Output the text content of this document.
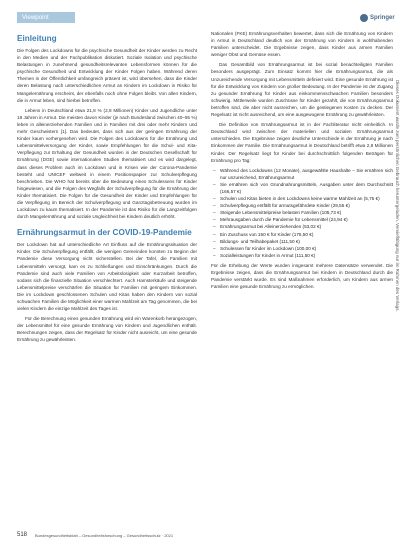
Viewpoint	Springer
Einleitung

Die Folgen des Lockdowns für die psychische Gesundheit der Kinder werden zu Recht in den Medien und der Fachpublikation diskutiert. Soziale Isolation und psychische Belastungen in zunehmend gesundheitsrelevanten Lebensformen können für die psychische Gesundheit und Entwicklung der Kinder Folgen haben. Während deren Themen in der Öffentlichkeit umfangreich präsent ist, wird übersehen, dass die Kinder deren Belastung nach unterschiedlichen Armut an Kindern im Lockdown in Risiko für Mangelernährung erscheint, der ebenfalls noch ohne Folgen bleibt. Von allen Kindern, die in Armut leben, sind hierbei betroffen.

Lebens in Deutschland etwa 21,8 % (2,8 Millionen) Kinder und Jugendliche unter 18 Jahren in Armut. Die meisten davon Kinder (je nach Bundesland zwischen 40–55 %) leben in alleinerziehenden Familien und in Familien mit drei oder mehr Kindern und mehr Geschwistern [1]. Das bedeutet, dass sich aus der geringen Ernährung der Kinder kaum vorhergesehen wird. Die Folgen des Lockdowns für die Ernährung und Lebensmittelversorgung der Kinder, sowie Empfehlungen für die Schul- und Kita-Verpflegung zur Erhaltung der Gesundheit wurden in der Deutschen Gesellschaft für Ernährung (DGE) sowie internationalen Studien thematisiert und es wird dargelegt, dass dieses Problem auch im Lockdown und in Krisen wie der Corona-Pandemie besteht und UNICEF weltweit in einem Positionspapier zur Schulverpflegung beschrieben. Die WHO hat bereits über die Bedeutung eines Schulessens für Kinder hingewiesen, und die Folgen des Wegfalls der Schulverpflegung für die Ernährung der Kinder thematisiert. Die Folgen für die Gesundheit der Kinder und Empfehlungen für die Verpflegung im Bereich der Schulverpflegung und Ganztagsbetreuung wurden im Lockdown zu kaum thematisiert. In der Pandemie ist das Risiko für die Langzeitfolgen durch Mangelernährung und soziale Ungleichheit bei Kindern deutlich erhöht.

Ernährungsarmut in der COVID-19-Pandemie

Der Lockdown hat auf unterschiedliche Art Einfluss auf die Ernährungssituation der Kinder. Die Schulverpflegung entfällt, die wenigen Gemeinden konnten zu Beginn der Pandemie diese Versorgung nicht sicherstellen. Bei der Tafel, die Familien mit Lebensmitteln versorgt, kam es zu Schließungen und Einschränkungen. Durch die Pandemie sind auch viele Familien von Arbeitslosigkeit oder Kurzarbeit betroffen, sodass sich die finanzielle Situation verschlechtert. Auch Hamsterkäufe und steigende Lebensmittelpreise verschärfen die Situation für Familien mit geringem Einkommen. Die im Lockdown geschlossenen Schulen und Kitas haben den Kindern von sozial schwachen Familien die Möglichkeit einer warmen Mahlzeit am Tag genommen, die bei vielen Kindern die einzige Mahlzeit des Tages ist.

Für die Berechnung eines gesunden Ernährung wird ein Warenkorb herangezogen, der Lebensmittel für eine gesunde Ernährung von Kindern und Jugendlichen enthält. Berechnungen zeigen, dass der Regelsatz für Kinder nicht ausreicht, um eine gesunde Ernährung zu gewährleisten.

Nationalen (FKE) Ernährungsverhalten bewertet, dass sich die Ernährung von Kindern in Armut in Deutschland deutlich von der Ernährung von Kindern in wohlhabenden Familien unterscheidet. Die Ergebnisse zeigen, dass Kinder aus armen Familien weniger Obst und Gemüse essen.

Das Gesamtbild von Ernährungsarmut ist bei sozial benachteiligten Familien besonders ausgeprägt. Zum Einsatz kommt hier die Ernährungsarmut, die als Unzureichende Versorgung mit Lebensmitteln definiert wird. Eine gesunde Ernährung ist für die Entwicklung von Kindern von großer Bedeutung. In der Pandemie ist der Zugang zu gesunder Ernährung für Kinder aus einkommensschwachen Familien besonders schwierig. Mittlerweile wurden Zuschüsse für Kinder gezahlt, die von Ernährungsarmut betroffen sind, die aber nicht ausreichen, um die gestiegenen Kosten zu decken. Der Regelsatz ist nicht ausreichend, um eine ausgewogene Ernährung zu gewährleisten.

Die Definition von Ernährungsarmut ist in der Fachliteratur nicht einheitlich. In Deutschland wird zwischen der materiellen und sozialen Ernährungsarmut unterschieden. Die Ergebnisse zeigen deutliche Unterschiede in der Ernährung je nach Einkommen der Familie. Die Ernährungsarmut in Deutschland betrifft etwa 2,8 Millionen Kinder. Der Regelsatz liegt für Kinder bei durchschnittlich folgenden Beträgen für Ernährung pro Tag:

– Während des Lockdowns (12 Monate), ausgewählte Haushalte – Sie ernähren sich nur unzureichend, Ernährungsarmut
– Sie ernähren sich von Grundnahrungsmitteln, Ausgaben unter dem Durchschnitt (166,57 €)
– Schulen und Kitas bieten in den Lockdowns keine warme Mahlzeit an (5,75 €)
– Schulverpflegung entfällt für armutsgefährdete Kinder (29,55 €)
– Steigende Lebensmittelpreise belasten Familien (105,73 €)
– Mehrausgaben durch die Pandemie für Lebensmittel (24,94 €)
– Ernährungsarmut bei Alleinerziehenden (53,02 €)
– Ein Zuschuss von 150 € für Kinder (175,50 €)
– Bildungs- und Teilhabepaket (111,50 €)
– Schulessen für Kinder im Lockdown (100,00 €)
– Sozialleistungen für Kinder in Armut (111,50 €)

Für die Erhebung der Werte wurden insgesamt mehrere Datensätze verwendet. Die Ergebnisse zeigen, dass die Ernährungsarmut bei Kindern in Deutschland durch die Pandemie verstärkt wurde. Es sind Maßnahmen erforderlich, um Kindern aus armen Familien eine gesunde Ernährung zu ermöglichen.	Dieses Dokument wurde zum persönlichen Gebrauch heruntergeladen. Vervielfältigung nur im Rahmen des Verlags.
518 Bundesgesundheitsblatt – Gesundheitsforschung – Gesundheitsschutz · 2021
